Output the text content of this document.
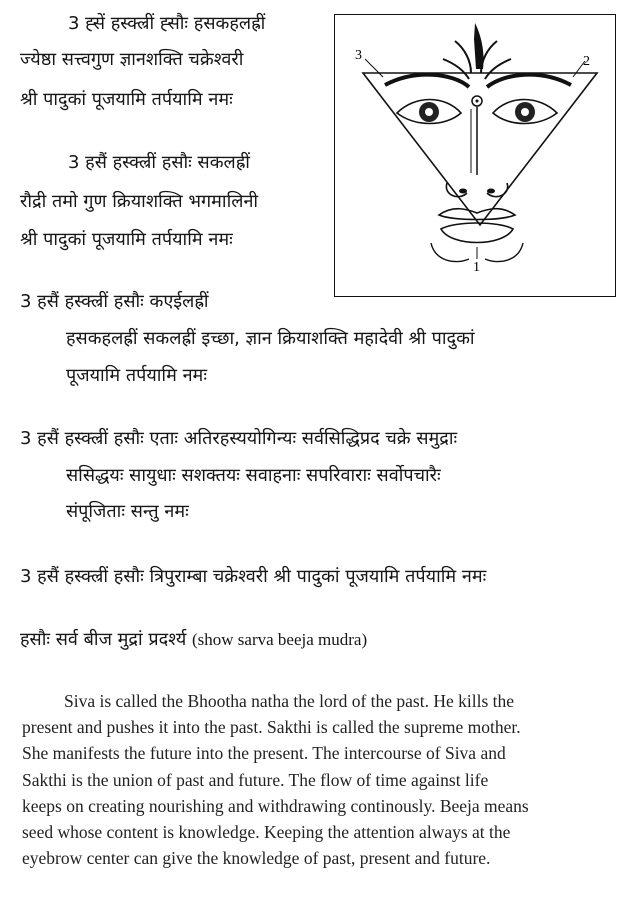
3 ह्सें हस्क्ल्रीं ह्सौः हसकहलह्रीं
ज्येष्ठा सत्त्वगुण ज्ञानशक्ति चक्रेश्वरी
श्री पादुकां पूजयामि तर्पयामि नमः
3 हसैं हस्क्ल्रीं हसौः सकलह्रीं
रौद्री तमो गुण क्रियाशक्ति भगमालिनी
श्री पादुकां पूजयामि तर्पयामि नमः
3 हसैं हस्क्ल्रीं हसौः कएईलह्रीं
हसकहलह्रीं सकलह्रीं इच्छा, ज्ञान क्रियाशक्ति महादेवी श्री पादुकां
पूजयामि तर्पयामि नमः
3 हसैं हस्क्ल्रीं हसौः एताः अतिरहस्ययोगिन्यः सर्वसिद्धिप्रद चक्रे समुद्राः
ससिद्धयः सायुधाः सशक्तयः सवाहनाः सपरिवाराः सर्वोपचारैः
संपूजिताः सन्तु नमः
3 हसैं हस्क्ल्रीं हसौः त्रिपुराम्बा चक्रेश्वरी श्री पादुकां पूजयामि तर्पयामि नमः
हसौः सर्व बीज मुद्रां प्रदर्श्य (show sarva beeja mudra)
3	2
1
Siva is called the Bhootha natha the lord of the past. He kills the
present and pushes it into the past. Sakthi is called the supreme mother.
She manifests the future into the present. The intercourse of Siva and
Sakthi is the union of past and future. The flow of time against life
keeps on creating nourishing and withdrawing continously. Beeja means
seed whose content is knowledge. Keeping the attention always at the
eyebrow center can give the knowledge of past, present and future.
